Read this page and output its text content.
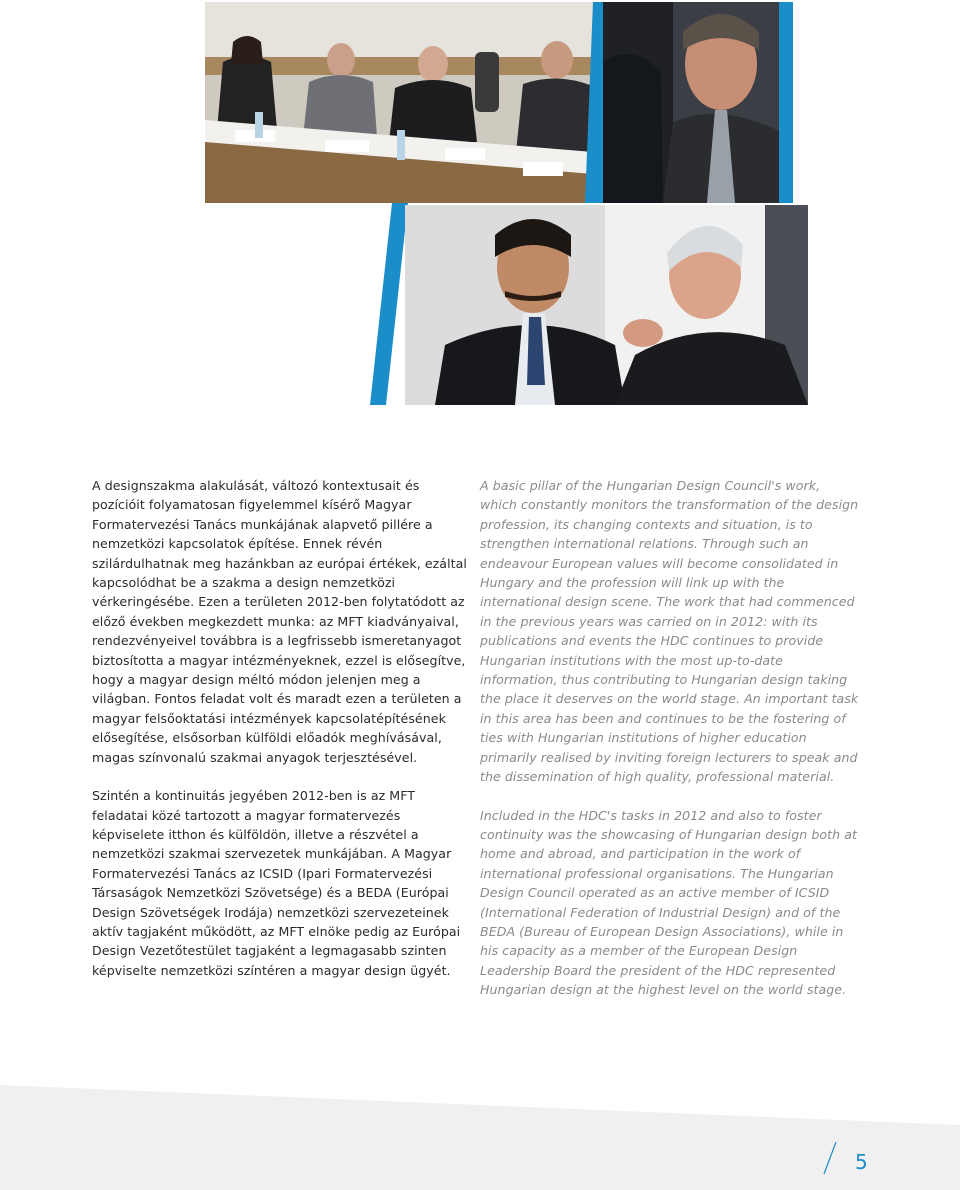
A designszakma alakulását, változó kontextusait és pozícióit folyamatosan figyelemmel kísérő Magyar Formatervezési Tanács munkájának alapvető pillére a nemzetközi kapcsolatok építése. Ennek révén szilárdulhatnak meg hazánkban az európai értékek, ezáltal kapcsolódhat be a szakma a design nemzetközi vérkeringésébe. Ezen a területen 2012-ben folytatódott az előző években megkezdett munka: az MFT kiadványaival, rendezvényeivel továbbra is a legfrissebb ismeretanyagot biztosította a magyar intézményeknek, ezzel is elősegítve, hogy a magyar design méltó módon jelenjen meg a világban. Fontos feladat volt és maradt ezen a területen a magyar felsőoktatási intézmények kapcsolatépítésének elősegítése, elsősorban külföldi előadók meghívásával, magas színvonalú szakmai anyagok terjesztésével.

Szintén a kontinuitás jegyében 2012-ben is az MFT feladatai közé tartozott a magyar formatervezés képviselete itthon és külföldön, illetve a részvétel a nemzetközi szakmai szervezetek munkájában. A Magyar Formatervezési Tanács az ICSID (Ipari Formatervezési Társaságok Nemzetközi Szövetsége) és a BEDA (Európai Design Szövetségek Irodája) nemzetközi szervezeteinek aktív tagjaként működött, az MFT elnöke pedig az Európai Design Vezetőtestület tagjaként a legmagasabb szinten képviselte nemzetközi színtéren a magyar design ügyét.

A basic pillar of the Hungarian Design Council's work, which constantly monitors the transformation of the design profession, its changing contexts and situation, is to strengthen international relations. Through such an endeavour European values will become consolidated in Hungary and the profession will link up with the international design scene. The work that had commenced in the previous years was carried on in 2012: with its publications and events the HDC continues to provide Hungarian institutions with the most up-to-date information, thus contributing to Hungarian design taking the place it deserves on the world stage. An important task in this area has been and continues to be the fostering of ties with Hungarian institutions of higher education primarily realised by inviting foreign lecturers to speak and the dissemination of high quality, professional material.

Included in the HDC's tasks in 2012 and also to foster continuity was the showcasing of Hungarian design both at home and abroad, and participation in the work of international professional organisations. The Hungarian Design Council operated as an active member of ICSID (International Federation of Industrial Design) and of the BEDA (Bureau of European Design Associations), while in his capacity as a member of the European Design Leadership Board the president of the HDC represented Hungarian design at the highest level on the world stage.

5
